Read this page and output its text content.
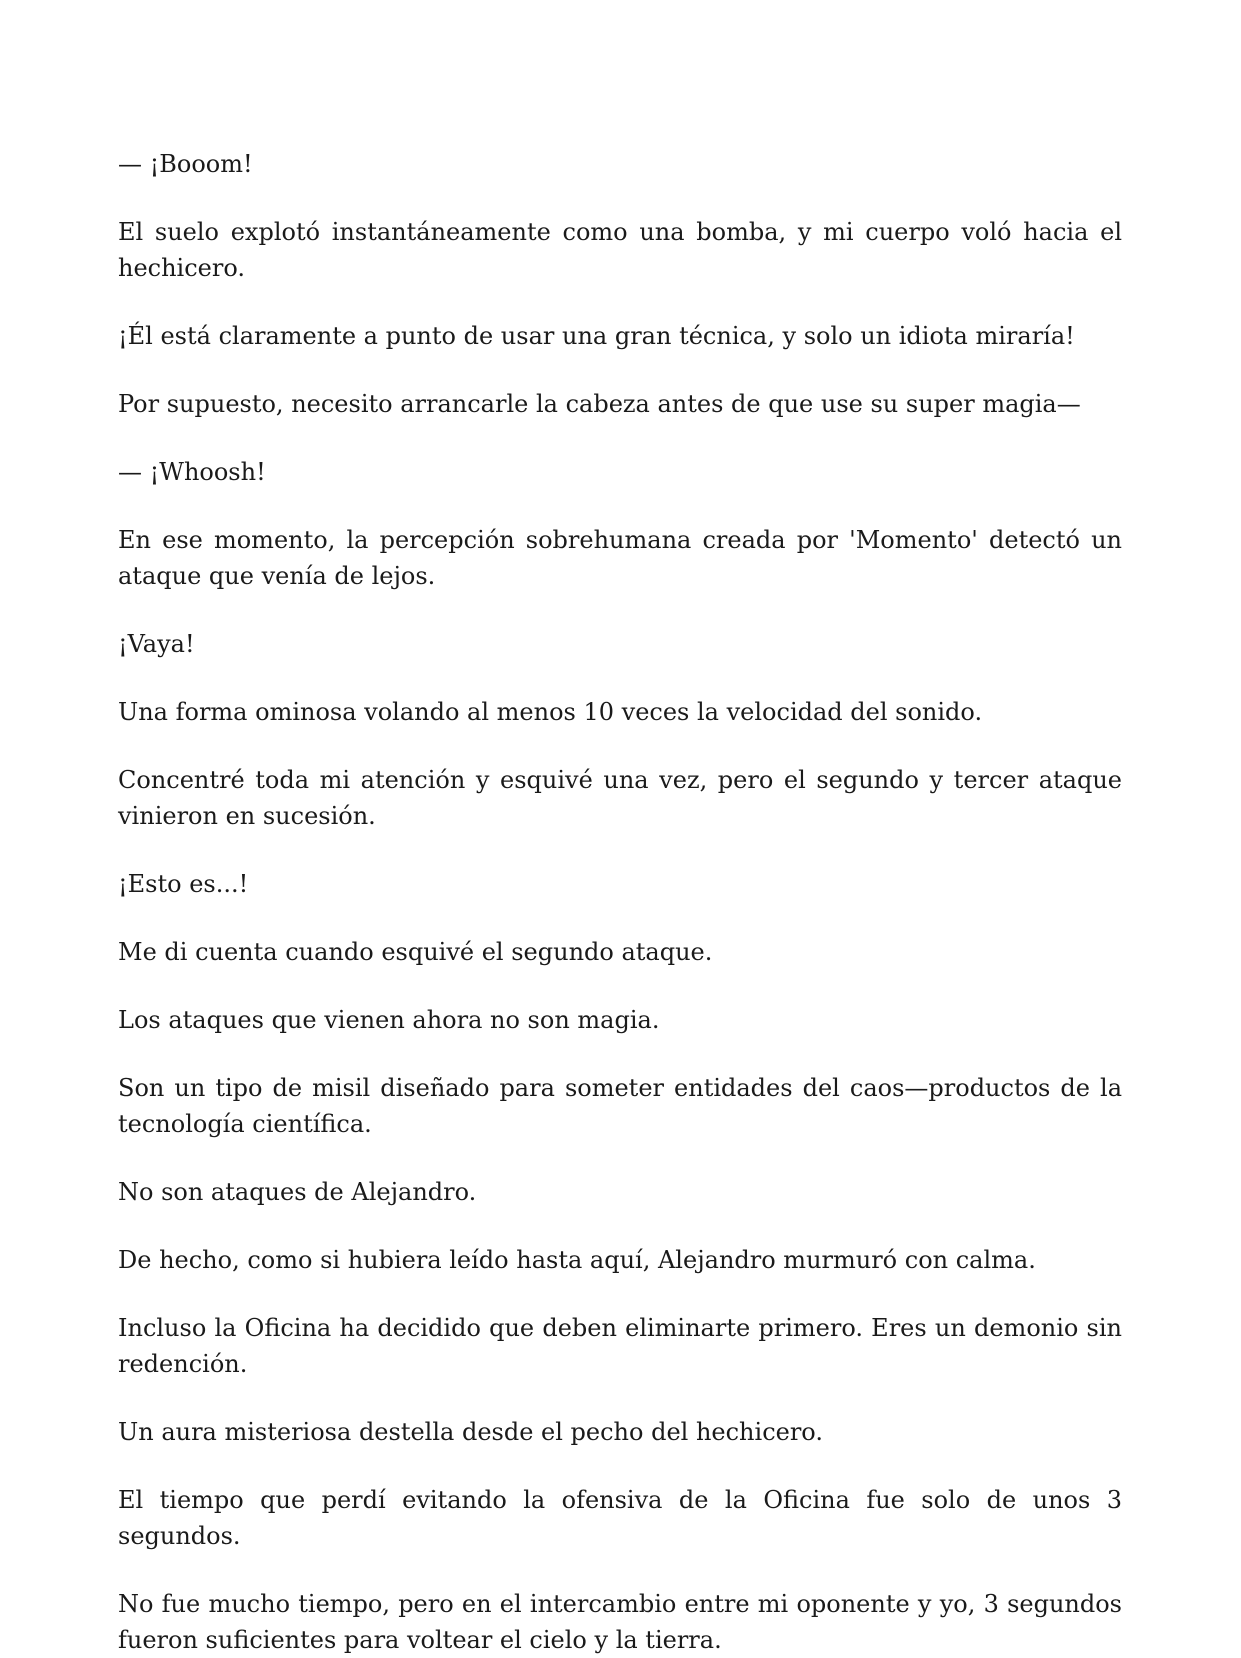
— ¡Booom!

El suelo explotó instantáneamente como una bomba, y mi cuerpo voló hacia el hechicero.

¡Él está claramente a punto de usar una gran técnica, y solo un idiota miraría!

Por supuesto, necesito arrancarle la cabeza antes de que use su super magia—

— ¡Whoosh!

En ese momento, la percepción sobrehumana creada por 'Momento' detectó un ataque que venía de lejos.

¡Vaya!

Una forma ominosa volando al menos 10 veces la velocidad del sonido.

Concentré toda mi atención y esquivé una vez, pero el segundo y tercer ataque vinieron en sucesión.

¡Esto es...!

Me di cuenta cuando esquivé el segundo ataque.

Los ataques que vienen ahora no son magia.

Son un tipo de misil diseñado para someter entidades del caos—productos de la tecnología científica.

No son ataques de Alejandro.

De hecho, como si hubiera leído hasta aquí, Alejandro murmuró con calma.

Incluso la Oficina ha decidido que deben eliminarte primero. Eres un demonio sin redención.

Un aura misteriosa destella desde el pecho del hechicero.

El tiempo que perdí evitando la ofensiva de la Oficina fue solo de unos 3 segundos.

No fue mucho tiempo, pero en el intercambio entre mi oponente y yo, 3 segundos fueron suficientes para voltear el cielo y la tierra.
